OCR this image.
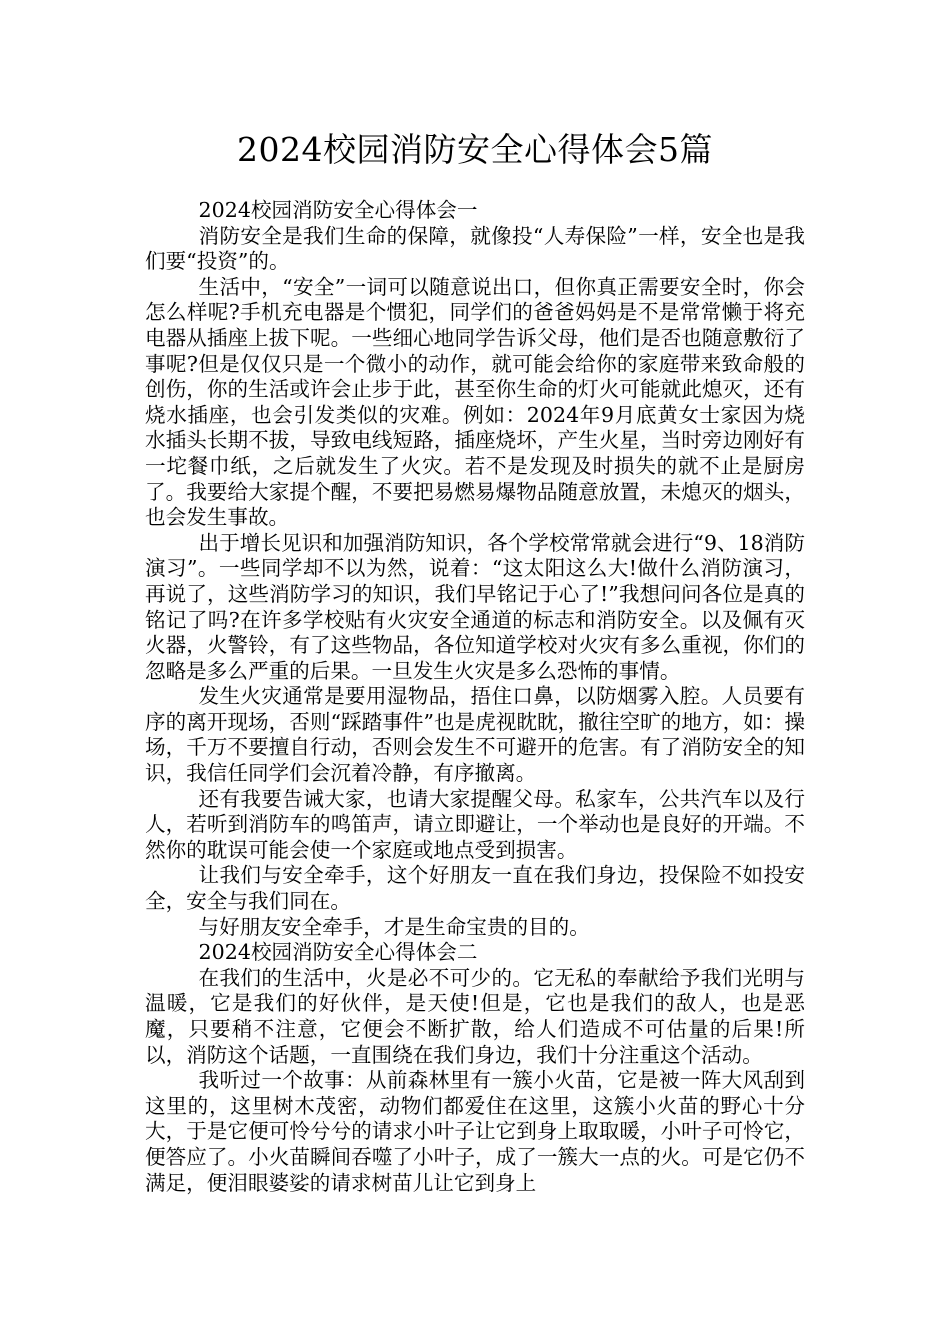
2024校园消防安全心得体会5篇

2024校园消防安全心得体会一

消防安全是我们生命的保障，就像投“人寿保险”一样，安全也是我们要“投资”的。

生活中，“安全”一词可以随意说出口，但你真正需要安全时，你会怎么样呢?手机充电器是个惯犯，同学们的爸爸妈妈是不是常常懒于将充电器从插座上拔下呢。一些细心地同学告诉父母，他们是否也随意敷衍了事呢?但是仅仅只是一个微小的动作，就可能会给你的家庭带来致命般的创伤，你的生活或许会止步于此，甚至你生命的灯火可能就此熄灭，还有烧水插座，也会引发类似的灾难。例如：2024年9月底黄女士家因为烧水插头长期不拔，导致电线短路，插座烧坏，产生火星，当时旁边刚好有一坨餐巾纸，之后就发生了火灾。若不是发现及时损失的就不止是厨房了。我要给大家提个醒，不要把易燃易爆物品随意放置，未熄灭的烟头，也会发生事故。

出于增长见识和加强消防知识，各个学校常常就会进行“9、18消防演习”。一些同学却不以为然，说着：“这太阳这么大!做什么消防演习，再说了，这些消防学习的知识，我们早铭记于心了!”我想问问各位是真的铭记了吗?在许多学校贴有火灾安全通道的标志和消防安全。以及佩有灭火器，火警铃，有了这些物品，各位知道学校对火灾有多么重视，你们的忽略是多么严重的后果。一旦发生火灾是多么恐怖的事情。

发生火灾通常是要用湿物品，捂住口鼻，以防烟雾入腔。人员要有序的离开现场，否则“踩踏事件”也是虎视眈眈，撤往空旷的地方，如：操场，千万不要擅自行动，否则会发生不可避开的危害。有了消防安全的知识，我信任同学们会沉着冷静，有序撤离。

还有我要告诫大家，也请大家提醒父母。私家车，公共汽车以及行人，若听到消防车的鸣笛声，请立即避让，一个举动也是良好的开端。不然你的耽误可能会使一个家庭或地点受到损害。

让我们与安全牵手，这个好朋友一直在我们身边，投保险不如投安全，安全与我们同在。

与好朋友安全牵手，才是生命宝贵的目的。

2024校园消防安全心得体会二

在我们的生活中，火是必不可少的。它无私的奉献给予我们光明与温暖，它是我们的好伙伴，是天使!但是，它也是我们的敌人，也是恶魔，只要稍不注意，它便会不断扩散，给人们造成不可估量的后果!所以，消防这个话题，一直围绕在我们身边，我们十分注重这个活动。

我听过一个故事：从前森林里有一簇小火苗，它是被一阵大风刮到这里的，这里树木茂密，动物们都爱住在这里，这簇小火苗的野心十分大，于是它便可怜兮兮的请求小叶子让它到身上取取暖，小叶子可怜它，便答应了。小火苗瞬间吞噬了小叶子，成了一簇大一点的火。可是它仍不满足，便泪眼婆娑的请求树苗儿让它到身上
